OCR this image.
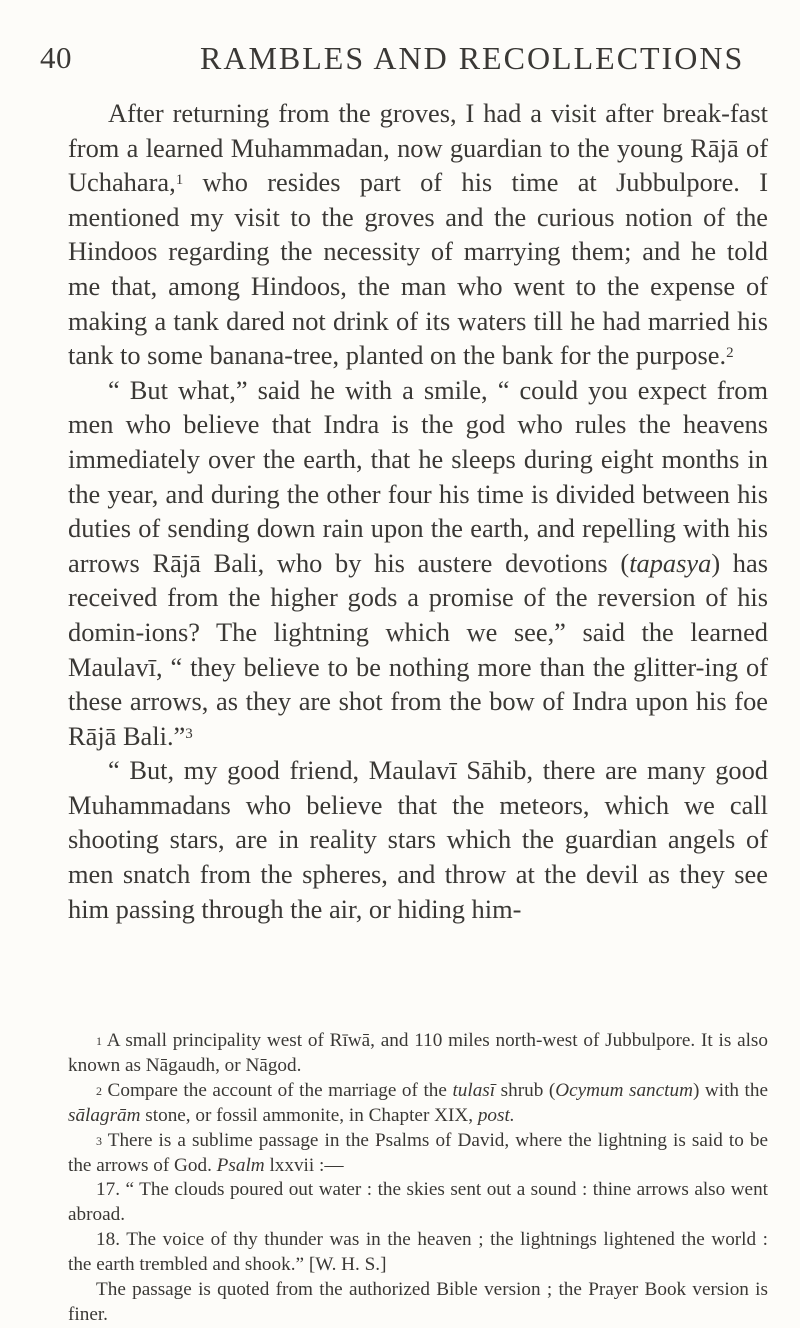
40	RAMBLES AND RECOLLECTIONS

After returning from the groves, I had a visit after break-fast from a learned Muhammadan, now guardian to the young Rājā of Uchahara,$^1$ who resides part of his time at Jubbulpore. I mentioned my visit to the groves and the curious notion of the Hindoos regarding the necessity of marrying them; and he told me that, among Hindoos, the man who went to the expense of making a tank dared not drink of its waters till he had married his tank to some banana-tree, planted on the bank for the purpose.$^2$

“ But what,” said he with a smile, “ could you expect from men who believe that Indra is the god who rules the heavens immediately over the earth, that he sleeps during eight months in the year, and during the other four his time is divided between his duties of sending down rain upon the earth, and repelling with his arrows Rājā Bali, who by his austere devotions (tapasya) has received from the higher gods a promise of the reversion of his domin-ions? The lightning which we see,” said the learned Maulavī, “ they believe to be nothing more than the glitter-ing of these arrows, as they are shot from the bow of Indra upon his foe Rājā Bali.”$^3$

“ But, my good friend, Maulavī Sāhib, there are many good Muhammadans who believe that the meteors, which we call shooting stars, are in reality stars which the guardian angels of men snatch from the spheres, and throw at the devil as they see him passing through the air, or hiding him-

$^1$ A small principality west of Rīwā, and 110 miles north-west of Jubbulpore. It is also known as Nāgaudh, or Nāgod.

$^2$ Compare the account of the marriage of the tulasī shrub (Ocymum sanctum) with the sālagrām stone, or fossil ammonite, in Chapter XIX, post.

$^3$ There is a sublime passage in the Psalms of David, where the lightning is said to be the arrows of God. Psalm lxxvii :—

17. “ The clouds poured out water : the skies sent out a sound : thine arrows also went abroad.

18. The voice of thy thunder was in the heaven ; the lightnings lightened the world : the earth trembled and shook.” [W. H. S.]

The passage is quoted from the authorized Bible version ; the Prayer Book version is finer.
